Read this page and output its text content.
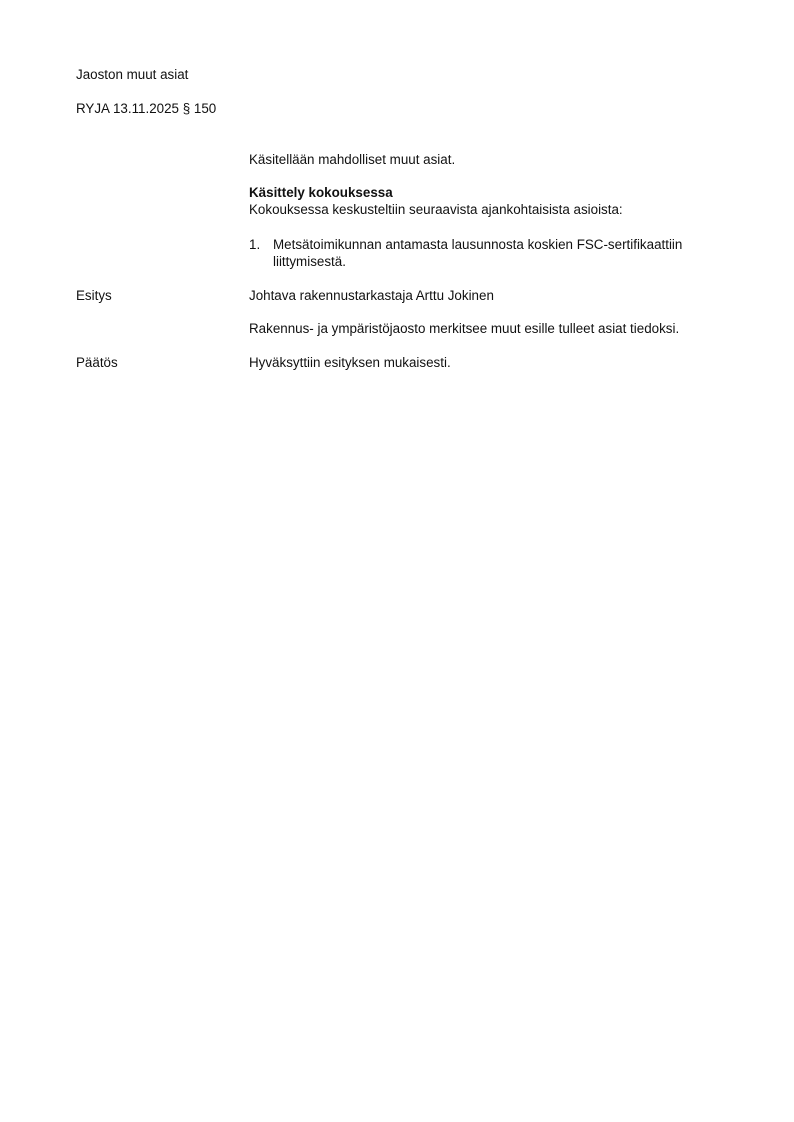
Jaoston muut asiat
RYJA 13.11.2025 § 150
Käsitellään mahdolliset muut asiat.
Käsittely kokouksessa
Kokouksessa keskusteltiin seuraavista ajankohtaisista asioista:
1. Metsätoimikunnan antamasta lausunnosta koskien FSC-sertifikaattiin
liittymisestä.
Esitys	Johtava rakennustarkastaja Arttu Jokinen
Rakennus- ja ympäristöjaosto merkitsee muut esille tulleet asiat tiedoksi.
Päätös	Hyväksyttiin esityksen mukaisesti.
